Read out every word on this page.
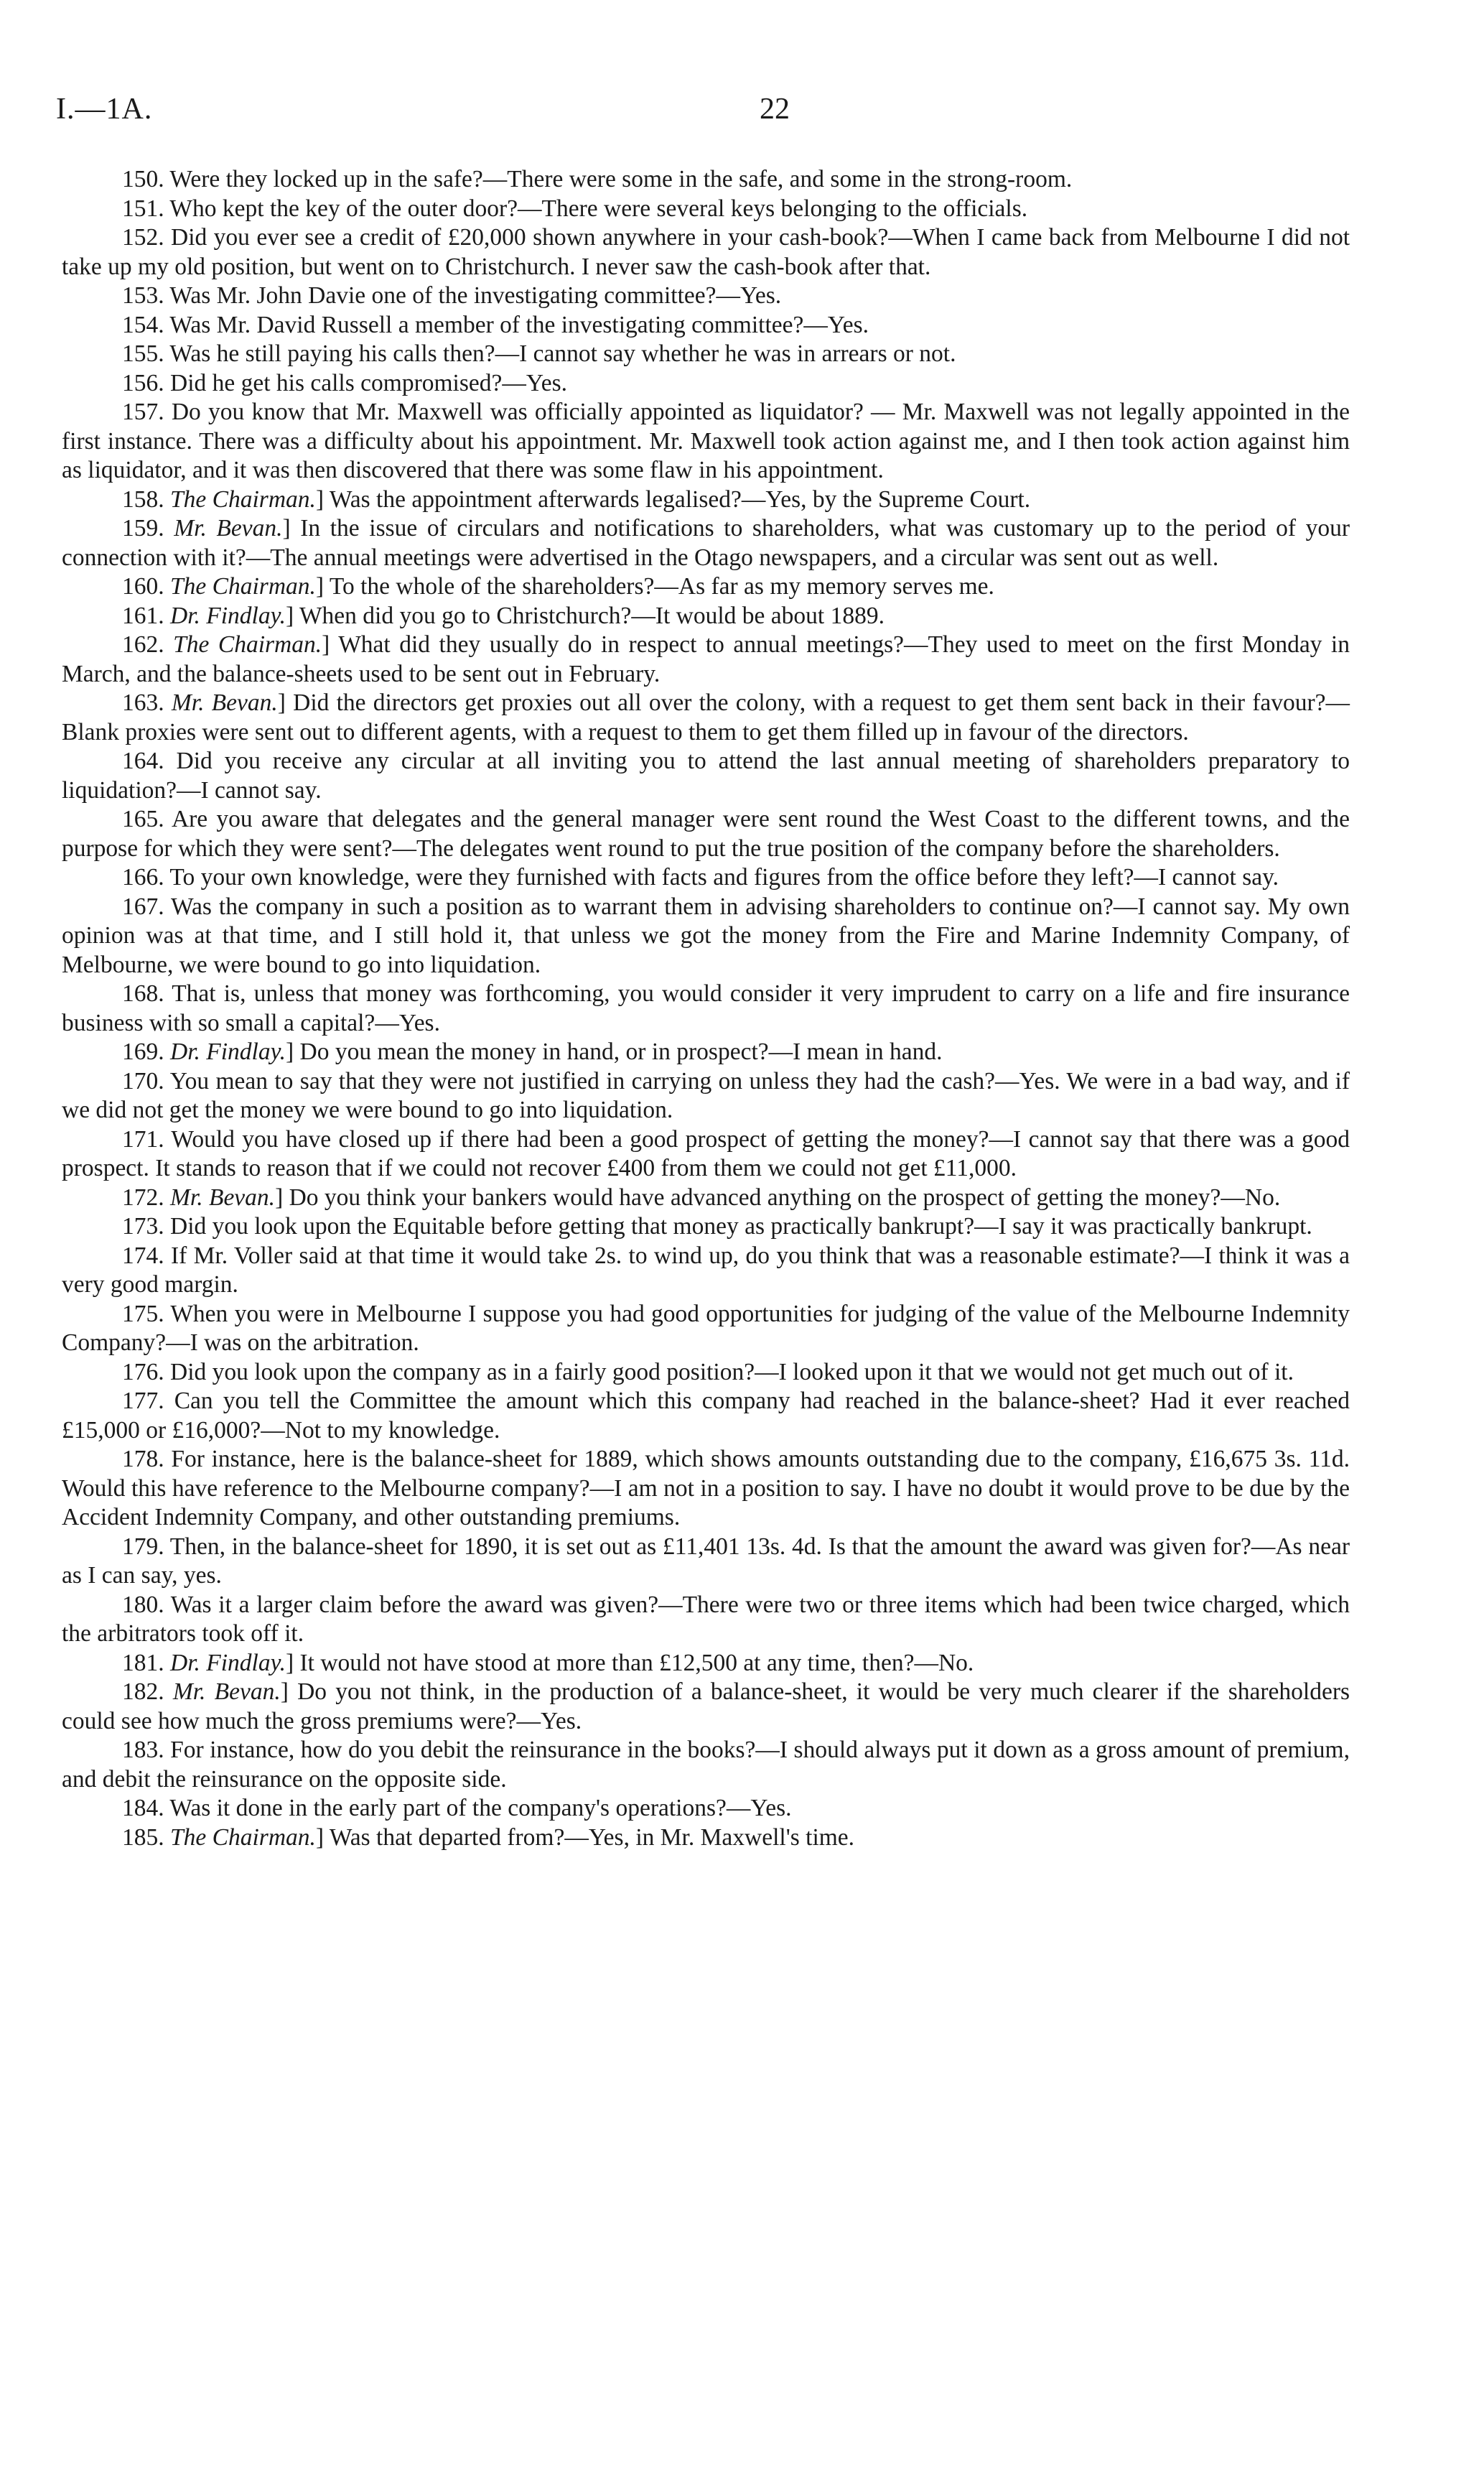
I.—1A.	22

150. Were they locked up in the safe?—There were some in the safe, and some in the strong-room.

151. Who kept the key of the outer door?—There were several keys belonging to the officials.

152. Did you ever see a credit of £20,000 shown anywhere in your cash-book?—When I came back from Melbourne I did not take up my old position, but went on to Christchurch. I never saw the cash-book after that.

153. Was Mr. John Davie one of the investigating committee?—Yes.

154. Was Mr. David Russell a member of the investigating committee?—Yes.

155. Was he still paying his calls then?—I cannot say whether he was in arrears or not.

156. Did he get his calls compromised?—Yes.

157. Do you know that Mr. Maxwell was officially appointed as liquidator? — Mr. Maxwell was not legally appointed in the first instance. There was a difficulty about his appointment. Mr. Maxwell took action against me, and I then took action against him as liquidator, and it was then discovered that there was some flaw in his appointment.

158. The Chairman.] Was the appointment afterwards legalised?—Yes, by the Supreme Court.

159. Mr. Bevan.] In the issue of circulars and notifications to shareholders, what was customary up to the period of your connection with it?—The annual meetings were advertised in the Otago newspapers, and a circular was sent out as well.

160. The Chairman.] To the whole of the shareholders?—As far as my memory serves me.

161. Dr. Findlay.] When did you go to Christchurch?—It would be about 1889.

162. The Chairman.] What did they usually do in respect to annual meetings?—They used to meet on the first Monday in March, and the balance-sheets used to be sent out in February.

163. Mr. Bevan.] Did the directors get proxies out all over the colony, with a request to get them sent back in their favour?—Blank proxies were sent out to different agents, with a request to them to get them filled up in favour of the directors.

164. Did you receive any circular at all inviting you to attend the last annual meeting of shareholders preparatory to liquidation?—I cannot say.

165. Are you aware that delegates and the general manager were sent round the West Coast to the different towns, and the purpose for which they were sent?—The delegates went round to put the true position of the company before the shareholders.

166. To your own knowledge, were they furnished with facts and figures from the office before they left?—I cannot say.

167. Was the company in such a position as to warrant them in advising shareholders to continue on?—I cannot say. My own opinion was at that time, and I still hold it, that unless we got the money from the Fire and Marine Indemnity Company, of Melbourne, we were bound to go into liquidation.

168. That is, unless that money was forthcoming, you would consider it very imprudent to carry on a life and fire insurance business with so small a capital?—Yes.

169. Dr. Findlay.] Do you mean the money in hand, or in prospect?—I mean in hand.

170. You mean to say that they were not justified in carrying on unless they had the cash?—Yes. We were in a bad way, and if we did not get the money we were bound to go into liquidation.

171. Would you have closed up if there had been a good prospect of getting the money?—I cannot say that there was a good prospect. It stands to reason that if we could not recover £400 from them we could not get £11,000.

172. Mr. Bevan.] Do you think your bankers would have advanced anything on the prospect of getting the money?—No.

173. Did you look upon the Equitable before getting that money as practically bankrupt?—I say it was practically bankrupt.

174. If Mr. Voller said at that time it would take 2s. to wind up, do you think that was a reasonable estimate?—I think it was a very good margin.

175. When you were in Melbourne I suppose you had good opportunities for judging of the value of the Melbourne Indemnity Company?—I was on the arbitration.

176. Did you look upon the company as in a fairly good position?—I looked upon it that we would not get much out of it.

177. Can you tell the Committee the amount which this company had reached in the balance-sheet? Had it ever reached £15,000 or £16,000?—Not to my knowledge.

178. For instance, here is the balance-sheet for 1889, which shows amounts outstanding due to the company, £16,675 3s. 11d. Would this have reference to the Melbourne company?—I am not in a position to say. I have no doubt it would prove to be due by the Accident Indemnity Company, and other outstanding premiums.

179. Then, in the balance-sheet for 1890, it is set out as £11,401 13s. 4d. Is that the amount the award was given for?—As near as I can say, yes.

180. Was it a larger claim before the award was given?—There were two or three items which had been twice charged, which the arbitrators took off it.

181. Dr. Findlay.] It would not have stood at more than £12,500 at any time, then?—No.

182. Mr. Bevan.] Do you not think, in the production of a balance-sheet, it would be very much clearer if the shareholders could see how much the gross premiums were?—Yes.

183. For instance, how do you debit the reinsurance in the books?—I should always put it down as a gross amount of premium, and debit the reinsurance on the opposite side.

184. Was it done in the early part of the company's operations?—Yes.

185. The Chairman.] Was that departed from?—Yes, in Mr. Maxwell's time.
